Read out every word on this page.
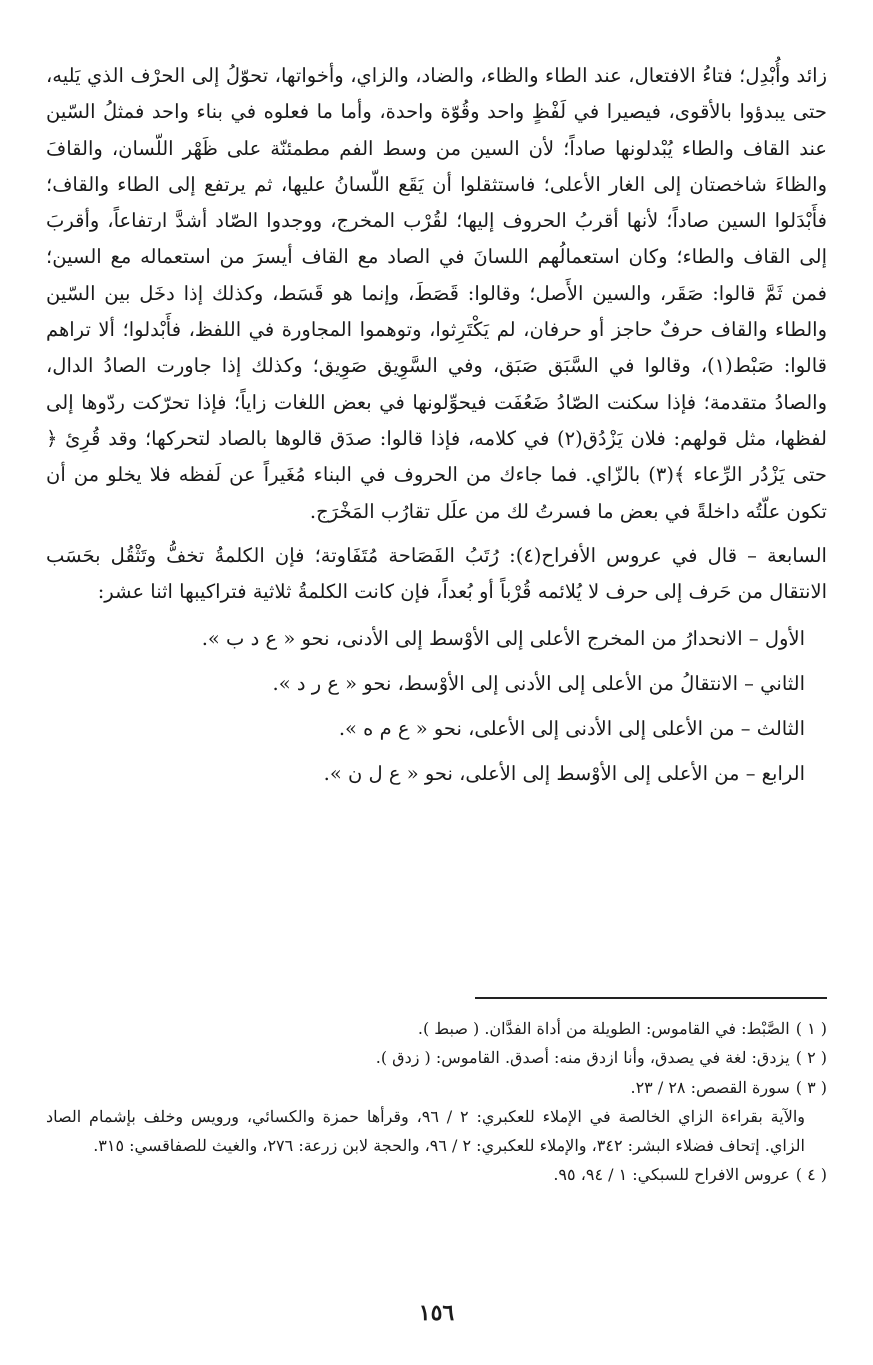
زائد وأُبْدِل؛ فتاءُ الافتعال، عند الطاء والظاء، والضاد، والزاي، وأخواتها، تحوّلُ إلى الحرْف الذي يَليه، حتى يبدؤوا بالأقوى، فيصيرا في لَفْظٍ واحد وقُوّة واحدة، وأما ما فعلوه في بناء واحد فمثلُ السّين عند القاف والطاء يُبْدلونها صاداً؛ لأن السين من وسط الفم مطمئنّة على ظَهْر اللّسان، والقافَ والظاءَ شاخصتان إلى الغار الأعلى؛ فاستثقلوا أن يَقَع اللّسانُ عليها، ثم يرتفع إلى الطاء والقاف؛ فأَبْدَلوا السين صاداً؛ لأنها أقربُ الحروف إليها؛ لقُرْب المخرج، ووجدوا الصّاد أشدَّ ارتفاعاً، وأقربَ إلى القاف والطاء؛ وكان استعمالُهم اللسانَ في الصاد مع القاف أيسرَ من استعماله مع السين؛ فمن ثَمَّ قالوا: صَقَر، والسين الأَصل؛ وقالوا: قَصَطَ، وإنما هو قَسَط، وكذلك إذا دخَل بين السّين والطاء والقاف حرفٌ حاجز أو حرفان، لم يَكْتَرِثوا، وتوهموا المجاورة في اللفظ، فأَبْدلوا؛ ألا تراهم قالوا: صَبْط(١)، وقالوا في السَّبَق صَبَق، وفي السَّوِيق صَوِيق؛ وكذلك إذا جاورت الصادُ الدال، والصادُ متقدمة؛ فإذا سكنت الصّادُ ضَعُفَت فيحوِّلونها في بعض اللغات زاياً؛ فإذا تحرّكت ردّوها إلى لفظها، مثل قولهم: فلان يَزْدُق(٢) في كلامه، فإذا قالوا: صدَق قالوها بالصاد لتحركها؛ وقد قُرِئ ﴿ حتى يَزْدُر الرِّعاء ﴾(٣) بالزّاي. فما جاءك من الحروف في البناء مُغَيراً عن لَفظه فلا يخلو من أن تكون علّتُه داخلةً في بعض ما فسرتُ لك من علَل تقارُب المَخْرَج.

السابعة – قال في عروس الأفراح(٤): رُتَبُ الفَصَاحة مُتَفَاوتة؛ فإن الكلمةُ تخفُّ وتَثْقُل بحَسَب الانتقال من حَرف إلى حرف لا يُلائمه قُرْباً أو بُعداً، فإن كانت الكلمةُ ثلاثية فتراكيبها اثنا عشر:

الأول – الانحدارُ من المخرج الأعلى إلى الأوْسط إلى الأدنى، نحو « ع د ب ».
الثاني – الانتقالُ من الأعلى إلى الأدنى إلى الأوْسط، نحو « ع ر د ».
الثالث – من الأعلى إلى الأدنى إلى الأعلى، نحو « ع م ه ».
الرابع – من الأعلى إلى الأوْسط إلى الأعلى، نحو « ع ل ن ».
( ١ )الصَّبْط: في القاموس: الطويلة من أداة الفدَّان. ( صبط ).
( ٢ )يزدق: لغة في يصدق، وأنا ازدق منه: أصدق. القاموس: ( زدق ).
( ٣ )سورة القصص: ٢٨ / ٢٣.
والآية بقراءة الزاي الخالصة في الإملاء للعكبري: ٢ / ٩٦، وقرأها حمزة والكسائي، ورويس وخلف بإشمام الصاد الزاي. إتحاف فضلاء البشر: ٣٤٢، والإملاء للعكبري: ٢ / ٩٦، والحجة لابن زرعة: ٢٧٦، والغيث للصفاقسي: ٣١٥.
( ٤ )عروس الافراح للسبكي: ١ / ٩٤، ٩٥.
١٥٦
